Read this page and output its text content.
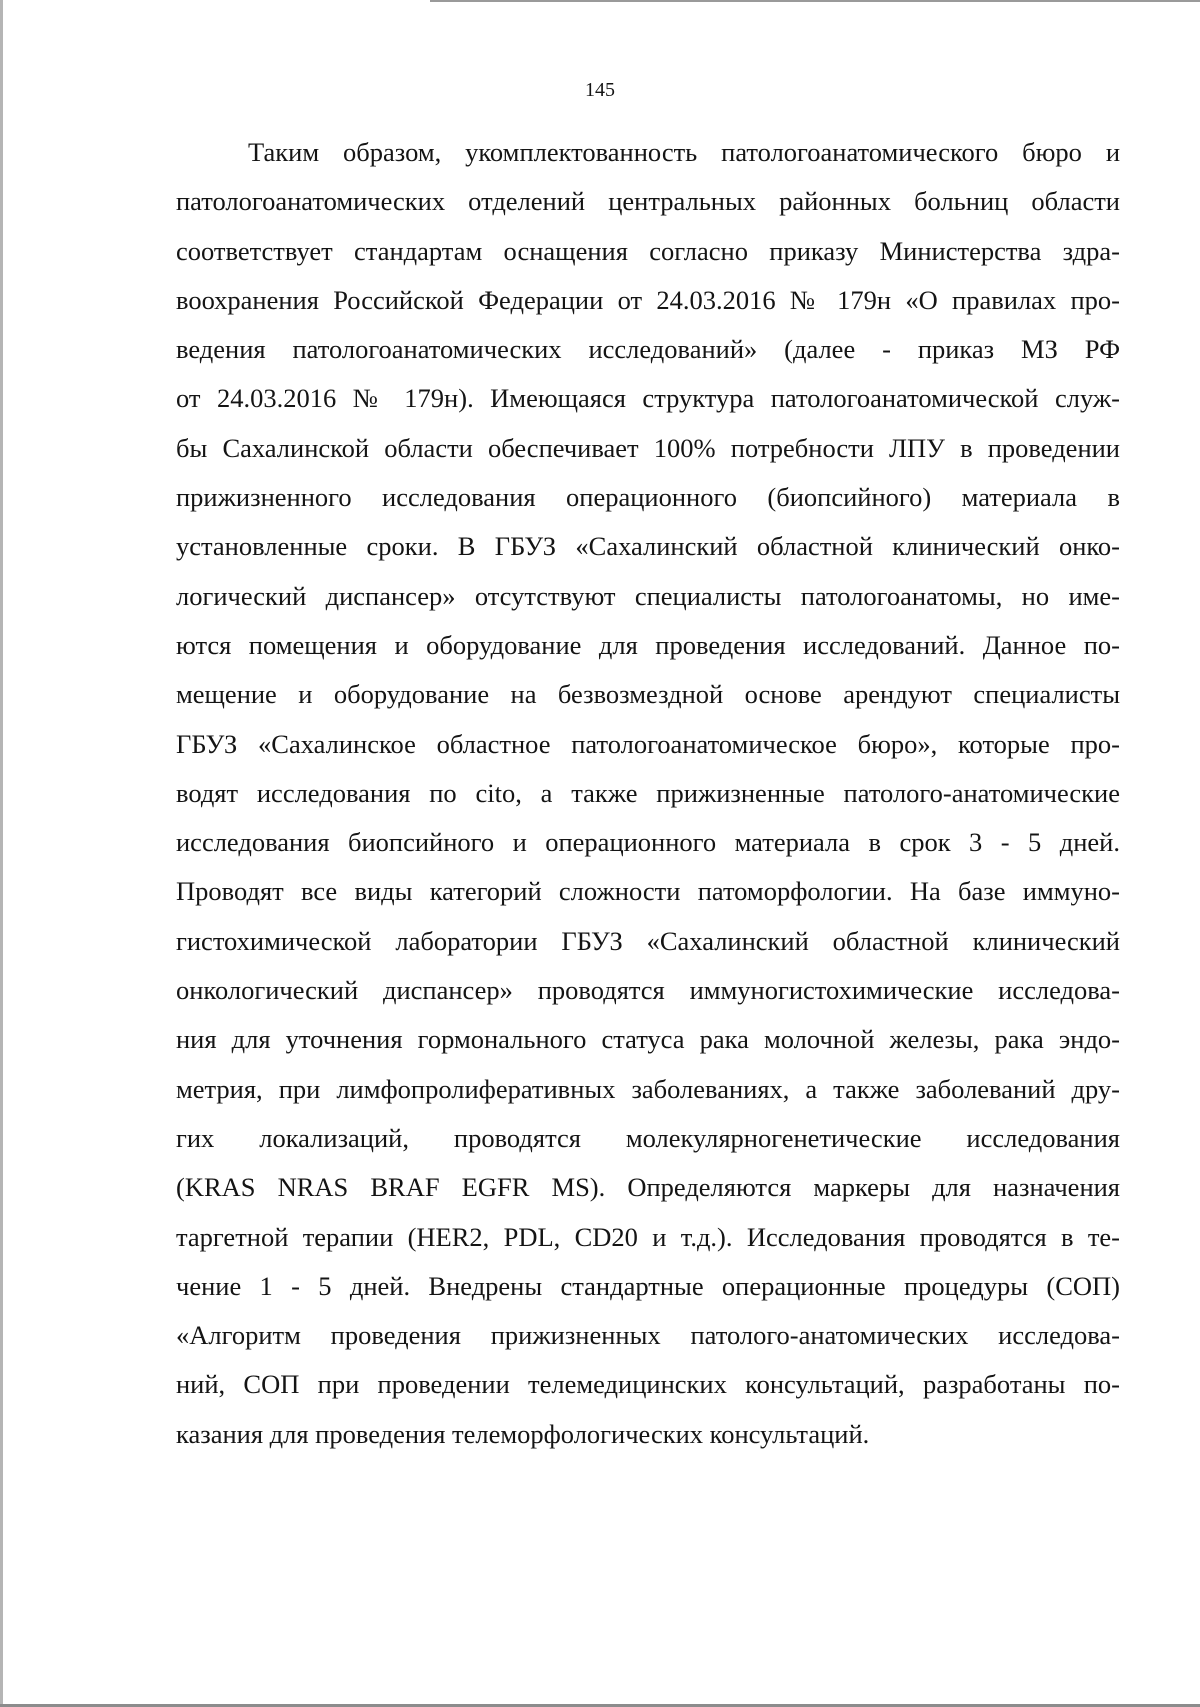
145
Таким образом, укомплектованность патологоанатомического бюро и
патологоанатомических отделений центральных районных больниц области
соответствует стандартам оснащения согласно приказу Министерства здра-
воохранения Российской Федерации от 24.03.2016 № 179н «О правилах про-
ведения патологоанатомических исследований» (далее - приказ МЗ РФ
от 24.03.2016 № 179н). Имеющаяся структура патологоанатомической служ-
бы Сахалинской области обеспечивает 100% потребности ЛПУ в проведении
прижизненного исследования операционного (биопсийного) материала в
установленные сроки. В ГБУЗ «Сахалинский областной клинический онко-
логический диспансер» отсутствуют специалисты патологоанатомы, но име-
ются помещения и оборудование для проведения исследований. Данное по-
мещение и оборудование на безвозмездной основе арендуют специалисты
ГБУЗ «Сахалинское областное патологоанатомическое бюро», которые про-
водят исследования по cito, а также прижизненные патолого-анатомические
исследования биопсийного и операционного материала в срок 3 - 5 дней.
Проводят все виды категорий сложности патоморфологии. На базе иммуно-
гистохимической лаборатории ГБУЗ «Сахалинский областной клинический
онкологический диспансер» проводятся иммуногистохимические исследова-
ния для уточнения гормонального статуса рака молочной железы, рака эндо-
метрия, при лимфопролиферативных заболеваниях, а также заболеваний дру-
гих локализаций, проводятся молекулярногенетические исследования
(KRAS NRAS BRAF EGFR MS). Определяются маркеры для назначения
таргетной терапии (HER2, PDL, CD20 и т.д.). Исследования проводятся в те-
чение 1 - 5 дней. Внедрены стандартные операционные процедуры (СОП)
«Алгоритм проведения прижизненных патолого-анатомических исследова-
ний, СОП при проведении телемедицинских консультаций, разработаны по-
казания для проведения телеморфологических консультаций.
